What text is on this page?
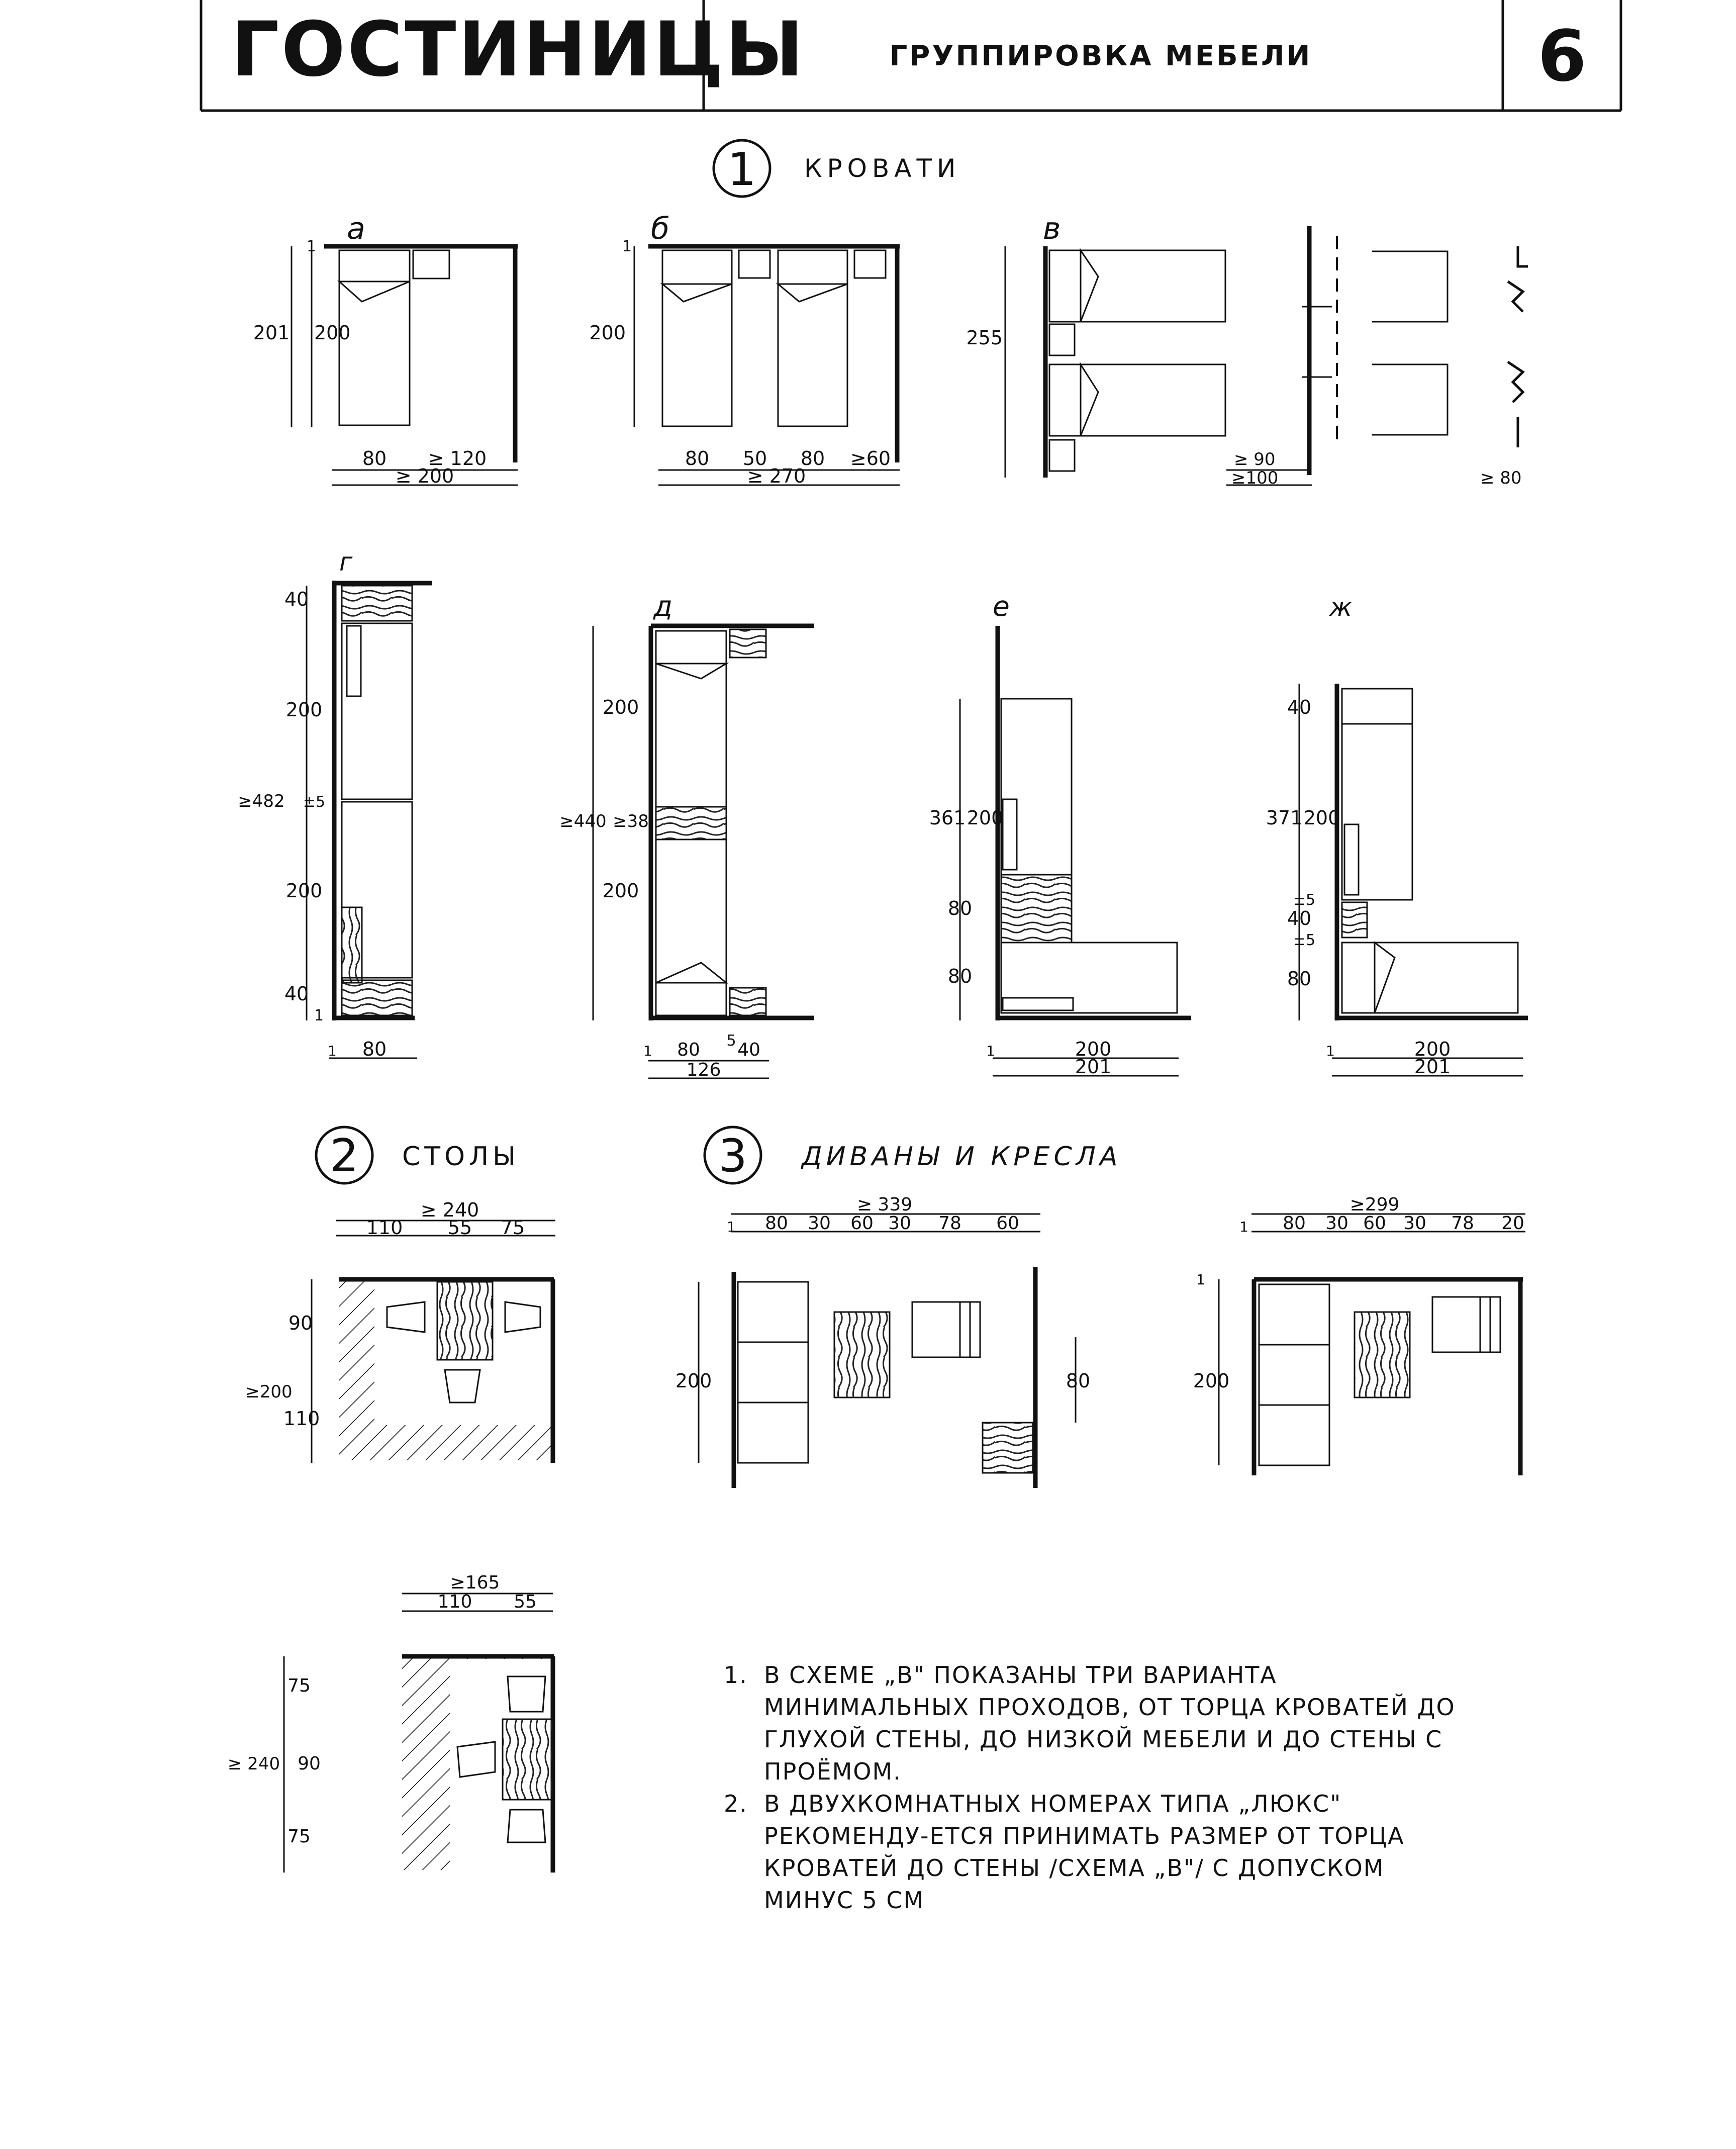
ГОСТИНИЦЫ	ГРУППИРОВКА МЕБЕЛИ	6
1 КРОВАТИ
а
201 200
1
80 ≥ 120
≥ 200
б
200
1
80 50 80 ≥60
≥ 270
в
255
≥ 90
≥100	≥ 80
г
40
200
≥482 ±5
200
40
1
80
1
д
200
≥440 ≥38
200
80 40
5
1
126
е
361 200
80
80
200
201
1
ж
40
371 200
±5
40
±5
80
200
201
1
2 СТОЛЫ	3 ДИВАНЫ И КРЕСЛА
≥ 240
110 55 75
90
110
≥200
≥ 339
1 80 30 60 30 78 60
200	80
≥299
1 80 30 60 30 78 20
200
1
≥165
110 55
75
≥ 240 90
75
1. В СХЕМЕ „В" ПОКАЗАНЫ ТРИ ВАРИАНТА МИНИМАЛЬНЫХ ПРОХОДОВ, ОТ ТОРЦА КРОВАТЕЙ ДО ГЛУХОЙ СТЕНЫ, ДО НИЗКОЙ МЕБЕЛИ И ДО СТЕНЫ С ПРОЁМОМ.
2. В ДВУХКОМНАТНЫХ НОМЕРАХ ТИПА „ЛЮКС" РЕКОМЕНДУ-ЕТСЯ ПРИНИМАТЬ РАЗМЕР ОТ ТОРЦА КРОВАТЕЙ ДО СТЕНЫ /СХЕМА „В"/ С ДОПУСКОМ МИНУС 5 СМ
